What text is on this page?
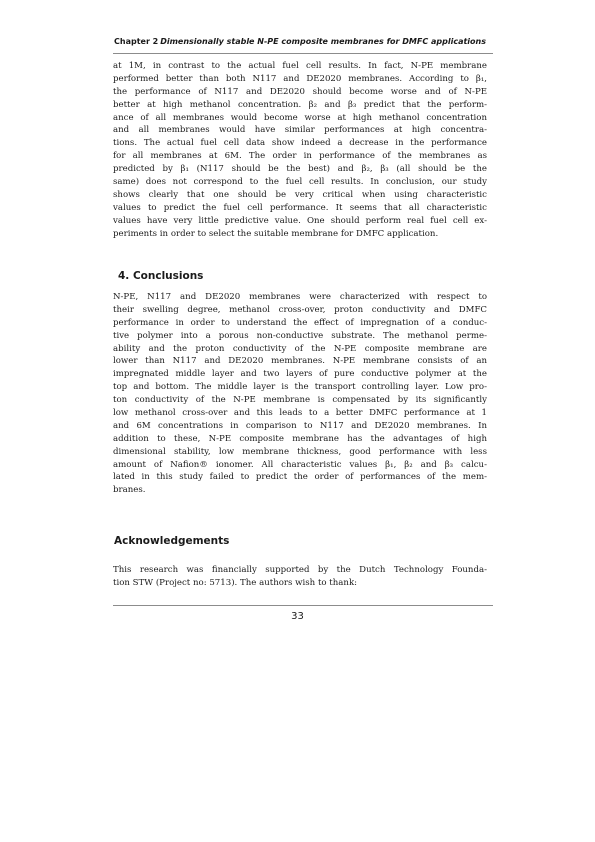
Chapter 2 Dimensionally stable N-PE composite membranes for DMFC applications
at 1M, in contrast to the actual fuel cell results. In fact, N-PE membrane
performed better than both N117 and DE2020 membranes. According to β₁,
the performance of N117 and DE2020 should become worse and of N-PE
better at high methanol concentration. β₂ and β₃ predict that the perform-
ance of all membranes would become worse at high methanol concentration
and all membranes would have similar performances at high concentra-
tions. The actual fuel cell data show indeed a decrease in the performance
for all membranes at 6M. The order in performance of the membranes as
predicted by β₁ (N117 should be the best) and β₂, β₃ (all should be the
same) does not correspond to the fuel cell results. In conclusion, our study
shows clearly that one should be very critical when using characteristic
values to predict the fuel cell performance. It seems that all characteristic
values have very little predictive value. One should perform real fuel cell ex-
periments in order to select the suitable membrane for DMFC application.
4. Conclusions
N-PE, N117 and DE2020 membranes were characterized with respect to
their swelling degree, methanol cross-over, proton conductivity and DMFC
performance in order to understand the effect of impregnation of a conduc-
tive polymer into a porous non-conductive substrate. The methanol perme-
ability and the proton conductivity of the N-PE composite membrane are
lower than N117 and DE2020 membranes. N-PE membrane consists of an
impregnated middle layer and two layers of pure conductive polymer at the
top and bottom. The middle layer is the transport controlling layer. Low pro-
ton conductivity of the N-PE membrane is compensated by its significantly
low methanol cross-over and this leads to a better DMFC performance at 1
and 6M concentrations in comparison to N117 and DE2020 membranes. In
addition to these, N-PE composite membrane has the advantages of high
dimensional stability, low membrane thickness, good performance with less
amount of Nafion® ionomer. All characteristic values β₁, β₂ and β₃ calcu-
lated in this study failed to predict the order of performances of the mem-
branes.
Acknowledgements
This research was financially supported by the Dutch Technology Founda-
tion STW (Project no: 5713). The authors wish to thank:
33
